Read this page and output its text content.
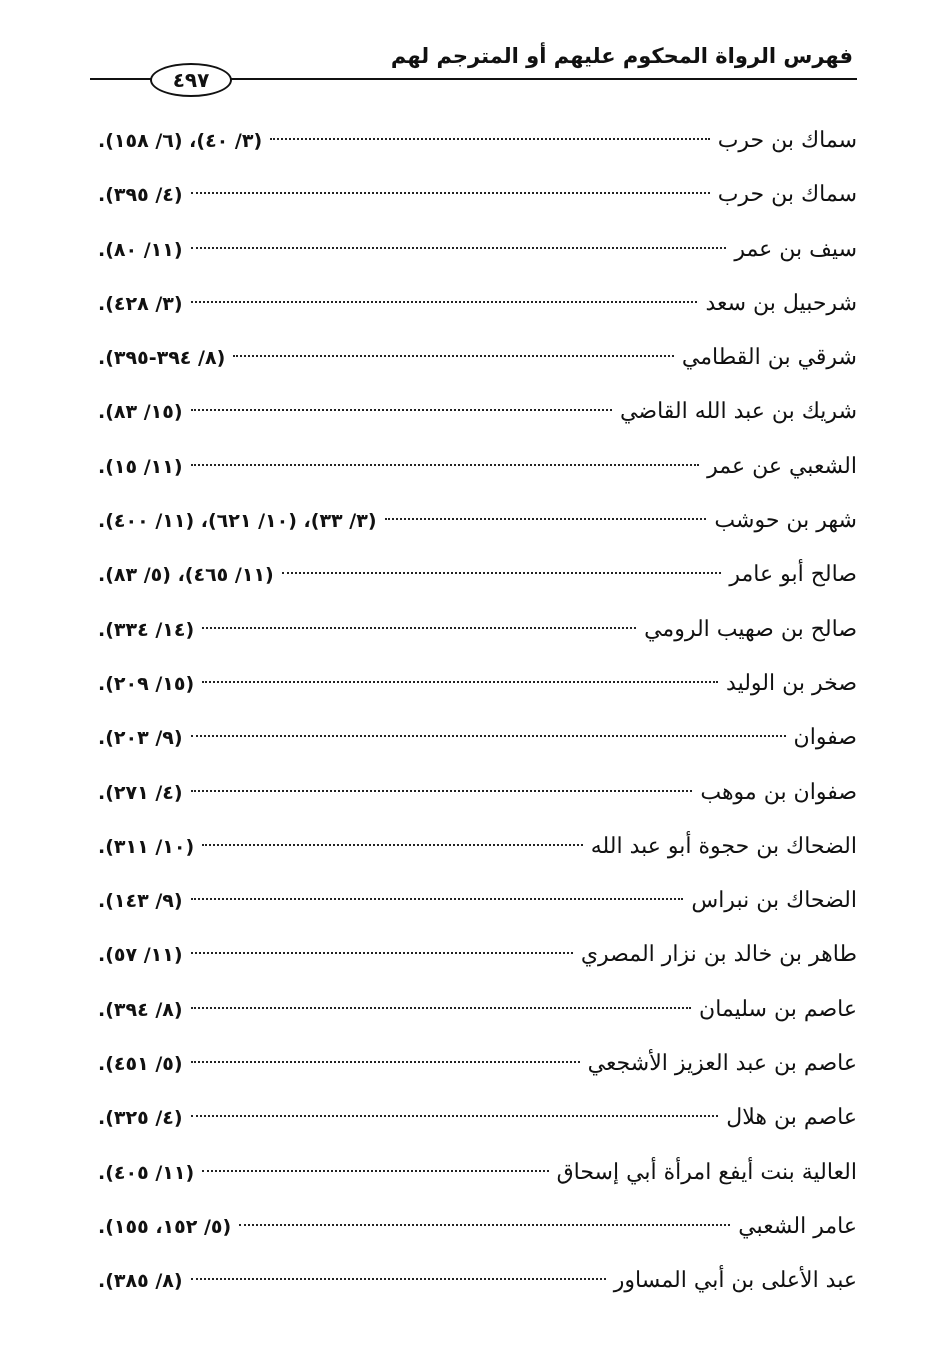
فهرس الرواة المحكوم عليهم أو المترجم لهم
٤٩٧
سماك بن حرب
(٣/ ٤٠)، (٦/ ١٥٨).
سماك بن حرب
(٤/ ٣٩٥).
سيف بن عمر
(١١/ ٨٠).
شرحبيل بن سعد
(٣/ ٤٢٨).
شرقي بن القطامي
(٨/ ٣٩٤-٣٩٥).
شريك بن عبد الله القاضي
(١٥/ ٨٣).
الشعبي عن عمر
(١١/ ١٥).
شهر بن حوشب
(٣/ ٣٣)، (١٠/ ٦٢١)، (١١/ ٤٠٠).
صالح أبو عامر
(١١/ ٤٦٥)، (٥/ ٨٣).
صالح بن صهيب الرومي
(١٤/ ٣٣٤).
صخر بن الوليد
(١٥/ ٢٠٩).
صفوان
(٩/ ٢٠٣).
صفوان بن موهب
(٤/ ٢٧١).
الضحاك بن حجوة أبو عبد الله
(١٠/ ٣١١).
الضحاك بن نبراس
(٩/ ١٤٣).
طاهر بن خالد بن نزار المصري
(١١/ ٥٧).
عاصم بن سليمان
(٨/ ٣٩٤).
عاصم بن عبد العزيز الأشجعي
(٥/ ٤٥١).
عاصم بن هلال
(٤/ ٣٢٥).
العالية بنت أيفع امرأة أبي إسحاق
(١١/ ٤٠٥).
عامر الشعبي
(٥/ ١٥٢، ١٥٥).
عبد الأعلى بن أبي المساور
(٨/ ٣٨٥).
